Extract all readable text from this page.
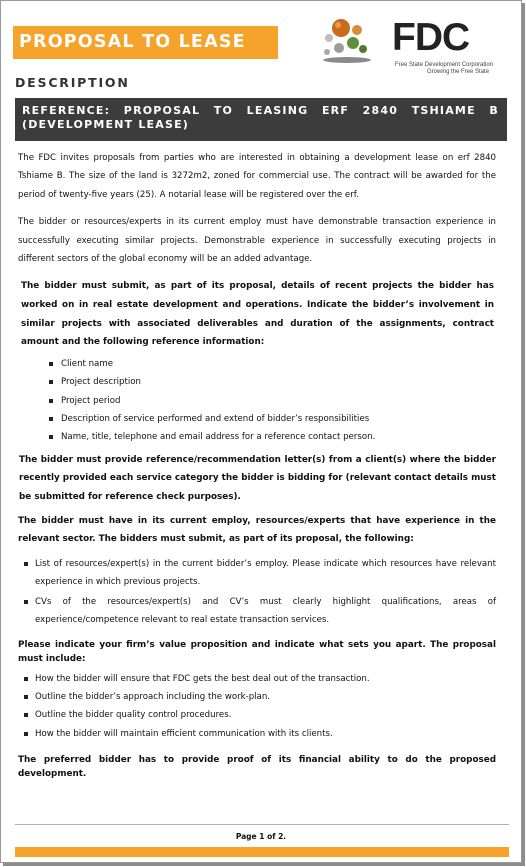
PROPOSAL TO LEASE	FDC
Free State Development Corporation
Growing the Free State
DESCRIPTION
REFERENCE: PROPOSAL TO LEASING ERF 2840 TSHIAME B (DEVELOPMENT LEASE)

The FDC invites proposals from parties who are interested in obtaining a development lease on erf 2840 Tshiame B. The size of the land is 3272m2, zoned for commercial use. The contract will be awarded for the period of twenty-five years (25). A notarial lease will be registered over the erf.

The bidder or resources/experts in its current employ must have demonstrable transaction experience in successfully executing similar projects. Demonstrable experience in successfully executing projects in different sectors of the global economy will be an added advantage.

The bidder must submit, as part of its proposal, details of recent projects the bidder has worked on in real estate development and operations. Indicate the bidder’s involvement in similar projects with associated deliverables and duration of the assignments, contract amount and the following reference information:

Client name
Project description
Project period
Description of service performed and extend of bidder’s responsibilities
Name, title, telephone and email address for a reference contact person.

The bidder must provide reference/recommendation letter(s) from a client(s) where the bidder recently provided each service category the bidder is bidding for (relevant contact details must be submitted for reference check purposes).

The bidder must have in its current employ, resources/experts that have experience in the relevant sector. The bidders must submit, as part of its proposal, the following:

List of resources/expert(s) in the current bidder’s employ. Please indicate which resources have relevant experience in which previous projects.
CVs of the resources/expert(s) and CV’s must clearly highlight qualifications, areas of experience/competence relevant to real estate transaction services.

Please indicate your firm’s value proposition and indicate what sets you apart. The proposal must include:

How the bidder will ensure that FDC gets the best deal out of the transaction.
Outline the bidder’s approach including the work-plan.
Outline the bidder quality control procedures.
How the bidder will maintain efficient communication with its clients.

The preferred bidder has to provide proof of its financial ability to do the proposed development.

Page 1 of 2.
